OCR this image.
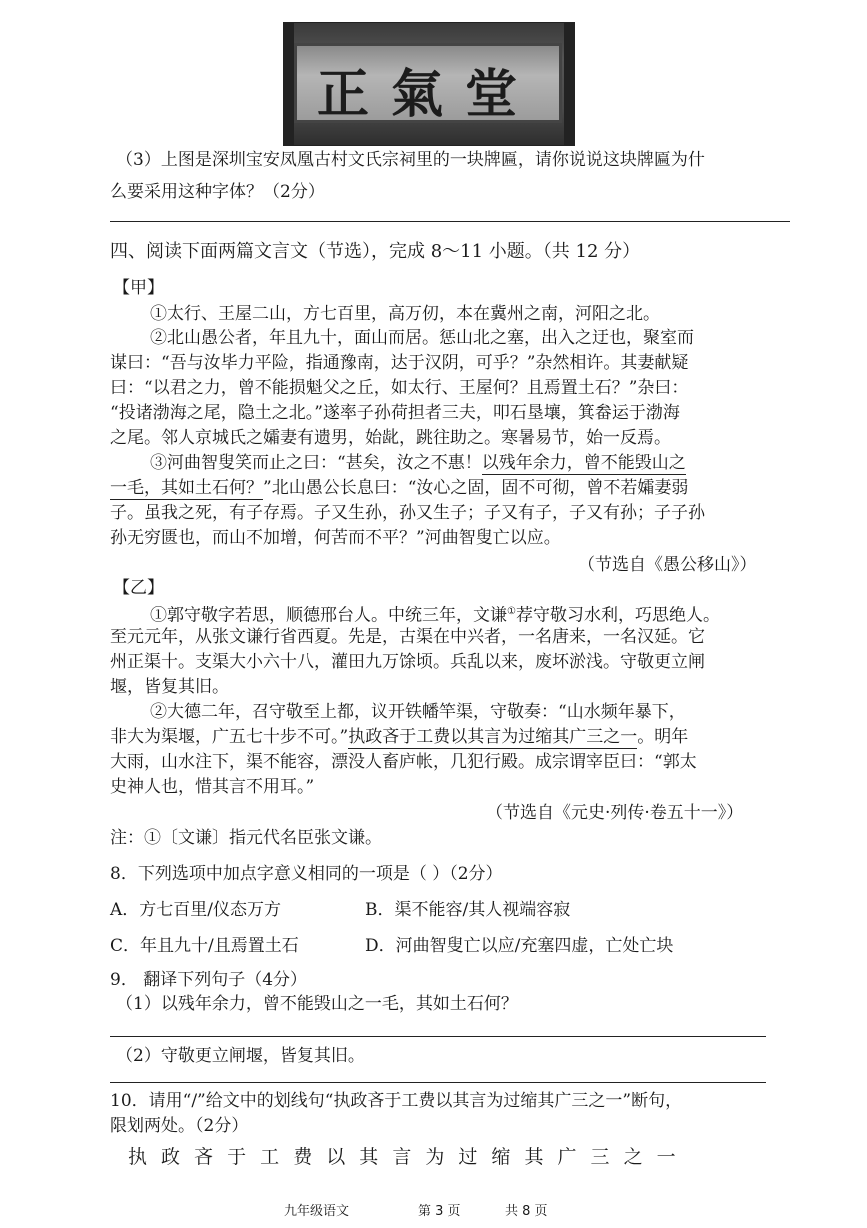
正氣堂
（3）上图是深圳宝安凤凰古村文氏宗祠里的一块牌匾，请你说说这块牌匾为什
么要采用这种字体？（2分）
四、阅读下面两篇文言文（节选），完成 8～11 小题。（共 12 分）
【甲】
①太行、王屋二山，方七百里，高万仞，本在冀州之南，河阳之北。
②北山愚公者，年且九十，面山而居。惩山北之塞，出入之迂也，聚室而
谋曰：“吾与汝毕力平险，指通豫南，达于汉阴，可乎？”杂然相许。其妻献疑
曰：“以君之力，曾不能损魁父之丘，如太行、王屋何？且焉置土石？”杂曰：
“投诸渤海之尾，隐土之北。”遂率子孙荷担者三夫，叩石垦壤，箕畚运于渤海
之尾。邻人京城氏之孀妻有遗男，始龀，跳往助之。寒暑易节，始一反焉。
③河曲智叟笑而止之曰：“甚矣，汝之不惠！以残年余力，曾不能毁山之
一毛，其如土石何？”北山愚公长息曰：“汝心之固，固不可彻，曾不若孀妻弱
子。虽我之死，有子存焉。子又生孙，孙又生子；子又有子，子又有孙；子子孙
孙无穷匮也，而山不加增，何苦而不平？”河曲智叟亡以应。
（节选自《愚公移山》）
【乙】
①郭守敬字若思，顺德邢台人。中统三年，文谦①荐守敬习水利，巧思绝人。
至元元年，从张文谦行省西夏。先是，古渠在中兴者，一名唐来，一名汉延。它
州正渠十。支渠大小六十八，灌田九万馀顷。兵乱以来，废坏淤浅。守敬更立闸
堰，皆复其旧。
②大德二年，召守敬至上都，议开铁幡竿渠，守敬奏：“山水频年暴下，
非大为渠堰，广五七十步不可。”执政吝于工费以其言为过缩其广三之一。明年
大雨，山水注下，渠不能容，漂没人畜庐帐，几犯行殿。成宗谓宰臣曰：“郭太
史神人也，惜其言不用耳。”
（节选自《元史·列传·卷五十一》）
注：①〔文谦〕指元代名臣张文谦。
8．下列选项中加点字意义相同的一项是（ ）（2分）
A．方七百里/仪态万方	B．渠不能容/其人视端容寂
C．年且九十/且焉置土石	D．河曲智叟亡以应/充塞四虚，亡处亡块
9． 翻译下列句子（4分）
（1）以残年余力，曾不能毁山之一毛，其如土石何？
（2）守敬更立闸堰，皆复其旧。
10．请用“/”给文中的划线句“执政吝于工费以其言为过缩其广三之一”断句，
限划两处。（2分）
执 政 吝 于 工 费 以 其 言 为 过 缩 其 广 三 之 一
九年级语文	第 3 页	共 8 页
